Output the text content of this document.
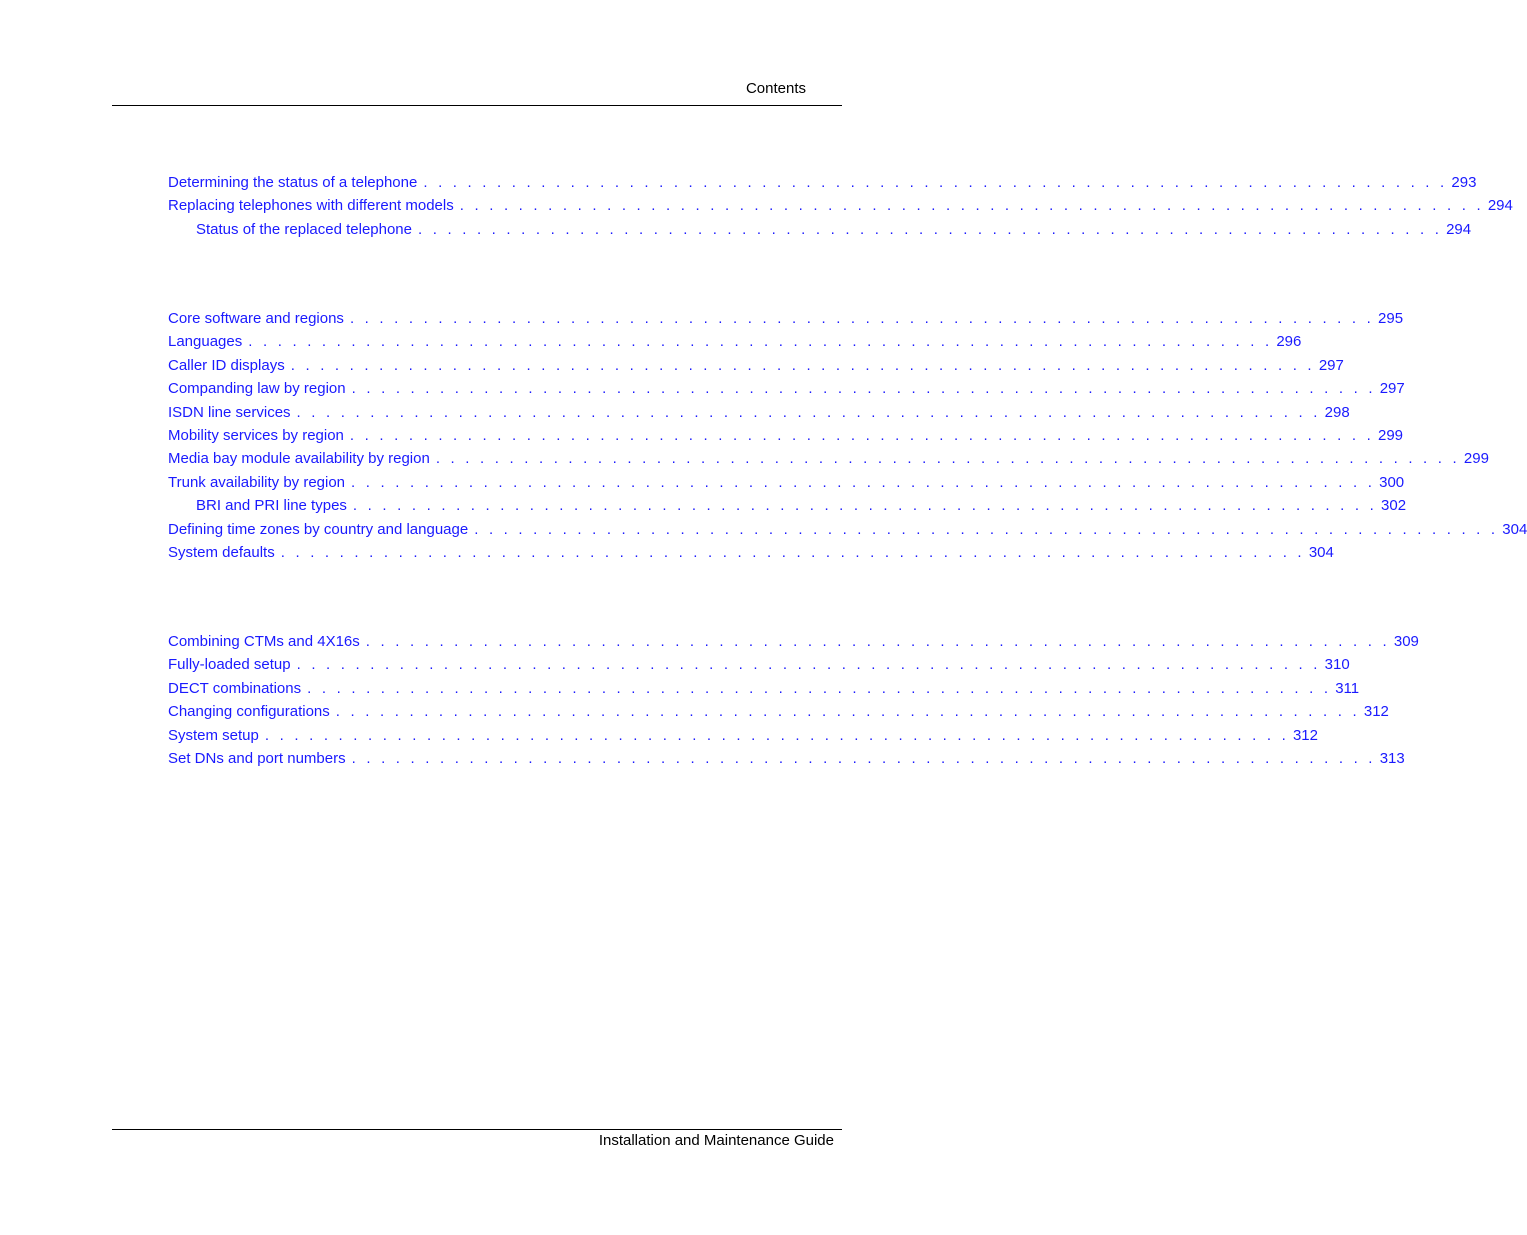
Contents
Determining the status of a telephone . . . . . . . . . . . . . . . . . . . . . . . . . . . . . . . . . . . . . . . . . . . . . . . . . . . . . . . . . . . . . . . . . . . . . . 293
Replacing telephones with different models . . . . . . . . . . . . . . . . . . . . . . . . . . . . . . . . . . . . . . . . . . . . . . . . . . . . . . . . . . . . . . . . . . . . . . 294
Status of the replaced telephone . . . . . . . . . . . . . . . . . . . . . . . . . . . . . . . . . . . . . . . . . . . . . . . . . . . . . . . . . . . . . . . . . . . . . . 294
Core software and regions . . . . . . . . . . . . . . . . . . . . . . . . . . . . . . . . . . . . . . . . . . . . . . . . . . . . . . . . . . . . . . . . . . . . . . 295
Languages . . . . . . . . . . . . . . . . . . . . . . . . . . . . . . . . . . . . . . . . . . . . . . . . . . . . . . . . . . . . . . . . . . . . . . 296
Caller ID displays . . . . . . . . . . . . . . . . . . . . . . . . . . . . . . . . . . . . . . . . . . . . . . . . . . . . . . . . . . . . . . . . . . . . . . 297
Companding law by region . . . . . . . . . . . . . . . . . . . . . . . . . . . . . . . . . . . . . . . . . . . . . . . . . . . . . . . . . . . . . . . . . . . . . . 297
ISDN line services . . . . . . . . . . . . . . . . . . . . . . . . . . . . . . . . . . . . . . . . . . . . . . . . . . . . . . . . . . . . . . . . . . . . . . 298
Mobility services by region . . . . . . . . . . . . . . . . . . . . . . . . . . . . . . . . . . . . . . . . . . . . . . . . . . . . . . . . . . . . . . . . . . . . . . 299
Media bay module availability by region . . . . . . . . . . . . . . . . . . . . . . . . . . . . . . . . . . . . . . . . . . . . . . . . . . . . . . . . . . . . . . . . . . . . . . 299
Trunk availability by region . . . . . . . . . . . . . . . . . . . . . . . . . . . . . . . . . . . . . . . . . . . . . . . . . . . . . . . . . . . . . . . . . . . . . . 300
BRI and PRI line types . . . . . . . . . . . . . . . . . . . . . . . . . . . . . . . . . . . . . . . . . . . . . . . . . . . . . . . . . . . . . . . . . . . . . . 302
Defining time zones by country and language . . . . . . . . . . . . . . . . . . . . . . . . . . . . . . . . . . . . . . . . . . . . . . . . . . . . . . . . . . . . . . . . . . . . . . 304
System defaults . . . . . . . . . . . . . . . . . . . . . . . . . . . . . . . . . . . . . . . . . . . . . . . . . . . . . . . . . . . . . . . . . . . . . . 304
Combining CTMs and 4X16s . . . . . . . . . . . . . . . . . . . . . . . . . . . . . . . . . . . . . . . . . . . . . . . . . . . . . . . . . . . . . . . . . . . . . . 309
Fully-loaded setup . . . . . . . . . . . . . . . . . . . . . . . . . . . . . . . . . . . . . . . . . . . . . . . . . . . . . . . . . . . . . . . . . . . . . . 310
DECT combinations . . . . . . . . . . . . . . . . . . . . . . . . . . . . . . . . . . . . . . . . . . . . . . . . . . . . . . . . . . . . . . . . . . . . . . 311
Changing configurations . . . . . . . . . . . . . . . . . . . . . . . . . . . . . . . . . . . . . . . . . . . . . . . . . . . . . . . . . . . . . . . . . . . . . . 312
System setup . . . . . . . . . . . . . . . . . . . . . . . . . . . . . . . . . . . . . . . . . . . . . . . . . . . . . . . . . . . . . . . . . . . . . . 312
Set DNs and port numbers . . . . . . . . . . . . . . . . . . . . . . . . . . . . . . . . . . . . . . . . . . . . . . . . . . . . . . . . . . . . . . . . . . . . . . 313
Installation and Maintenance Guide
